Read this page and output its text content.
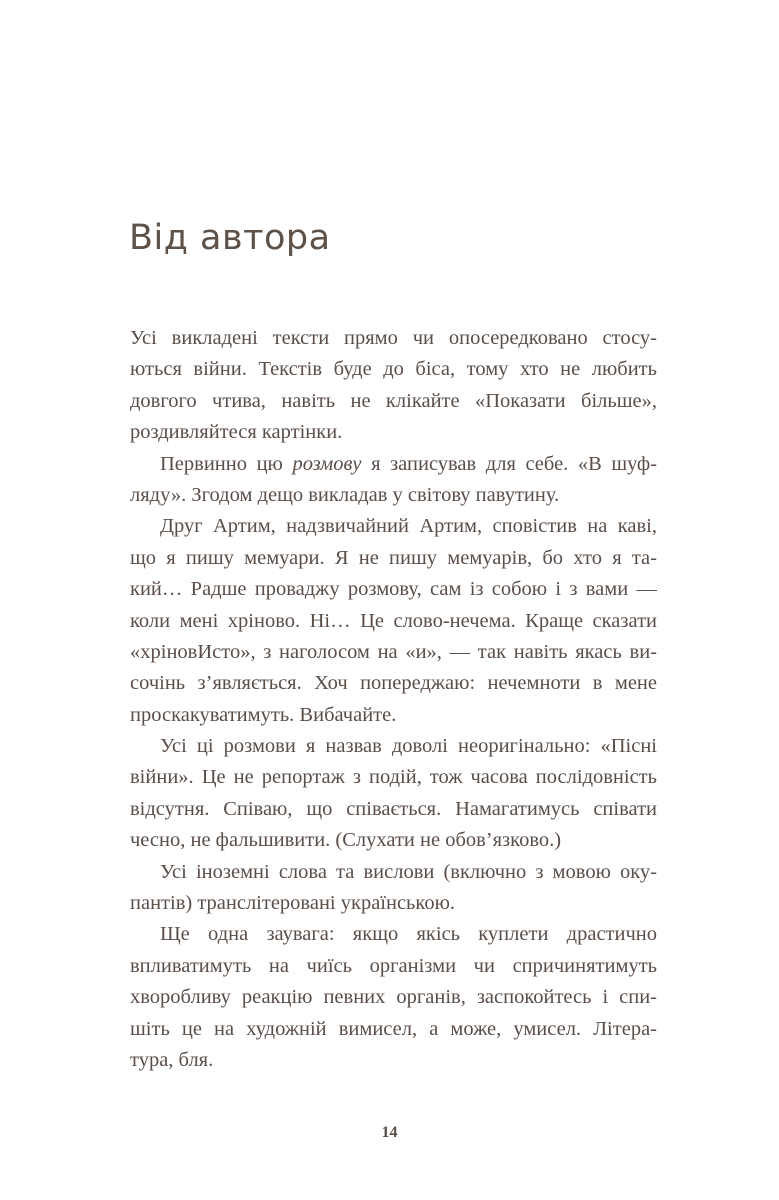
Від автора
Усі викладені тексти прямо чи опосередковано стосу-
ються війни. Текстів буде до біса, тому хто не любить
довгого чтива, навіть не клікайте «Показати більше»,
роздивляйтеся картінки.
Первинно цю розмову я записував для себе. «В шуф-
ляду». Згодом дещо викладав у світову павутину.
Друг Артим, надзвичайний Артим, сповістив на каві,
що я пишу мемуари. Я не пишу мемуарів, бо хто я та-
кий… Радше проваджу розмову, сам із собою і з вами —
коли мені хріново. Ні… Це слово-нечема. Краще сказати
«хріновИсто», з наголосом на «и», — так навіть якась ви-
сочінь з’являється. Хоч попереджаю: нечемноти в мене
проскакуватимуть. Вибачайте.
Усі ці розмови я назвав доволі неоригінально: «Пісні
війни». Це не репортаж з подій, тож часова послідовність
відсутня. Співаю, що співається. Намагатимусь співати
чесно, не фальшивити. (Слухати не обов’язково.)
Усі іноземні слова та вислови (включно з мовою оку-
пантів) транслітеровані українською.
Ще одна заувага: якщо якісь куплети драстично
впливатимуть на чиїсь організми чи спричинятимуть
хворобливу реакцію певних органів, заспокойтесь і спи-
шіть це на художній вимисел, а може, умисел. Літера-
тура, бля.
14
